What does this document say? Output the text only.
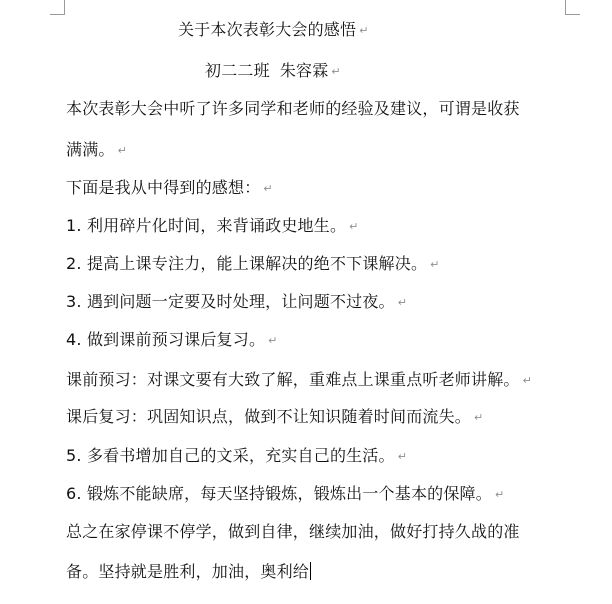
关于本次表彰大会的感悟 ↵
初二二班 朱容霖 ↵
本次表彰大会中听了许多同学和老师的经验及建议，可谓是收获
满满。 ↵
下面是我从中得到的感想： ↵
1. 利用碎片化时间，来背诵政史地生。 ↵
2. 提高上课专注力，能上课解决的绝不下课解决。 ↵
3. 遇到问题一定要及时处理，让问题不过夜。 ↵
4. 做到课前预习课后复习。 ↵
课前预习：对课文要有大致了解，重难点上课重点听老师讲解。 ↵
课后复习：巩固知识点，做到不让知识随着时间而流失。 ↵
5. 多看书增加自己的文采，充实自己的生活。 ↵
6. 锻炼不能缺席，每天坚持锻炼，锻炼出一个基本的保障。 ↵
总之在家停课不停学，做到自律，继续加油，做好打持久战的准
备。坚持就是胜利，加油，奥利给
